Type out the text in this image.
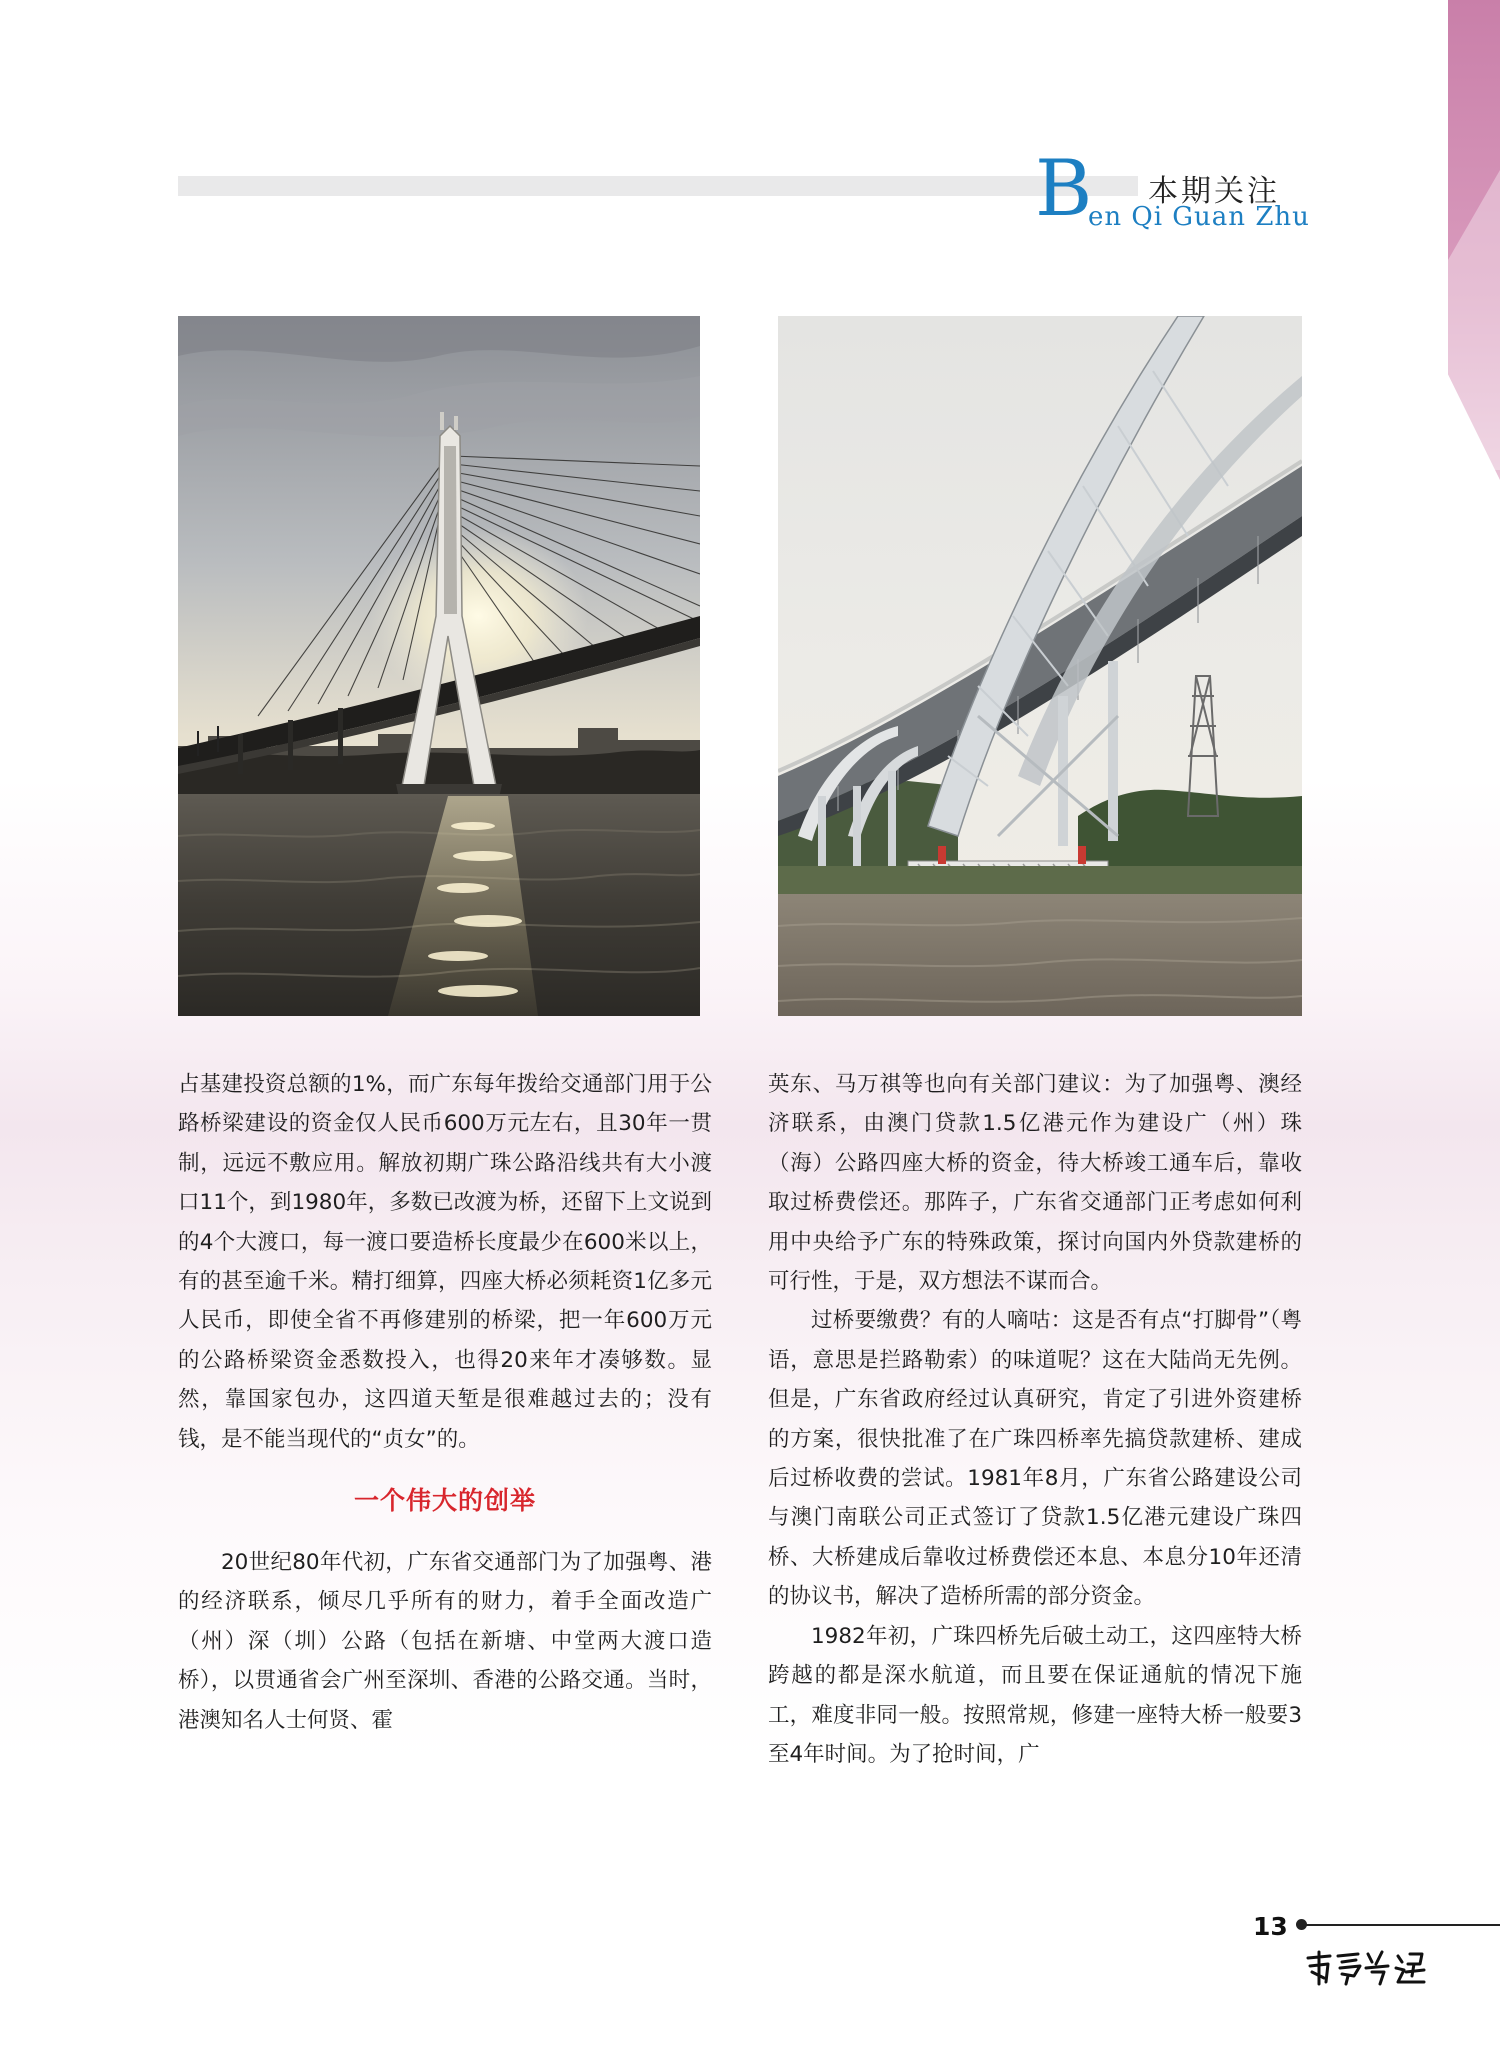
B 本期关注
en Qi Guan Zhu

占基建投资总额的1%，而广东每年拨给交通部门用于公路桥梁建设的资金仅人民币600万元左右，且30年一贯制，远远不敷应用。解放初期广珠公路沿线共有大小渡口11个，到1980年，多数已改渡为桥，还留下上文说到的4个大渡口，每一渡口要造桥长度最少在600米以上，有的甚至逾千米。精打细算，四座大桥必须耗资1亿多元人民币，即使全省不再修建别的桥梁，把一年600万元的公路桥梁资金悉数投入，也得20来年才凑够数。显然，靠国家包办，这四道天堑是很难越过去的；没有钱，是不能当现代的“贞女”的。

一个伟大的创举

20世纪80年代初，广东省交通部门为了加强粤、港的经济联系，倾尽几乎所有的财力，着手全面改造广（州）深（圳）公路（包括在新塘、中堂两大渡口造桥），以贯通省会广州至深圳、香港的公路交通。当时，港澳知名人士何贤、霍

英东、马万祺等也向有关部门建议：为了加强粤、澳经济联系，由澳门贷款1.5亿港元作为建设广（州）珠（海）公路四座大桥的资金，待大桥竣工通车后，靠收取过桥费偿还。那阵子，广东省交通部门正考虑如何利用中央给予广东的特殊政策，探讨向国内外贷款建桥的可行性，于是，双方想法不谋而合。

过桥要缴费？有的人嘀咕：这是否有点“打脚骨”（粤语，意思是拦路勒索）的味道呢？这在大陆尚无先例。但是，广东省政府经过认真研究，肯定了引进外资建桥的方案，很快批准了在广珠四桥率先搞贷款建桥、建成后过桥收费的尝试。1981年8月，广东省公路建设公司与澳门南联公司正式签订了贷款1.5亿港元建设广珠四桥、大桥建成后靠收过桥费偿还本息、本息分10年还清的协议书，解决了造桥所需的部分资金。

1982年初，广珠四桥先后破土动工，这四座特大桥跨越的都是深水航道，而且要在保证通航的情况下施工，难度非同一般。按照常规，修建一座特大桥一般要3至4年时间。为了抢时间，广

13
